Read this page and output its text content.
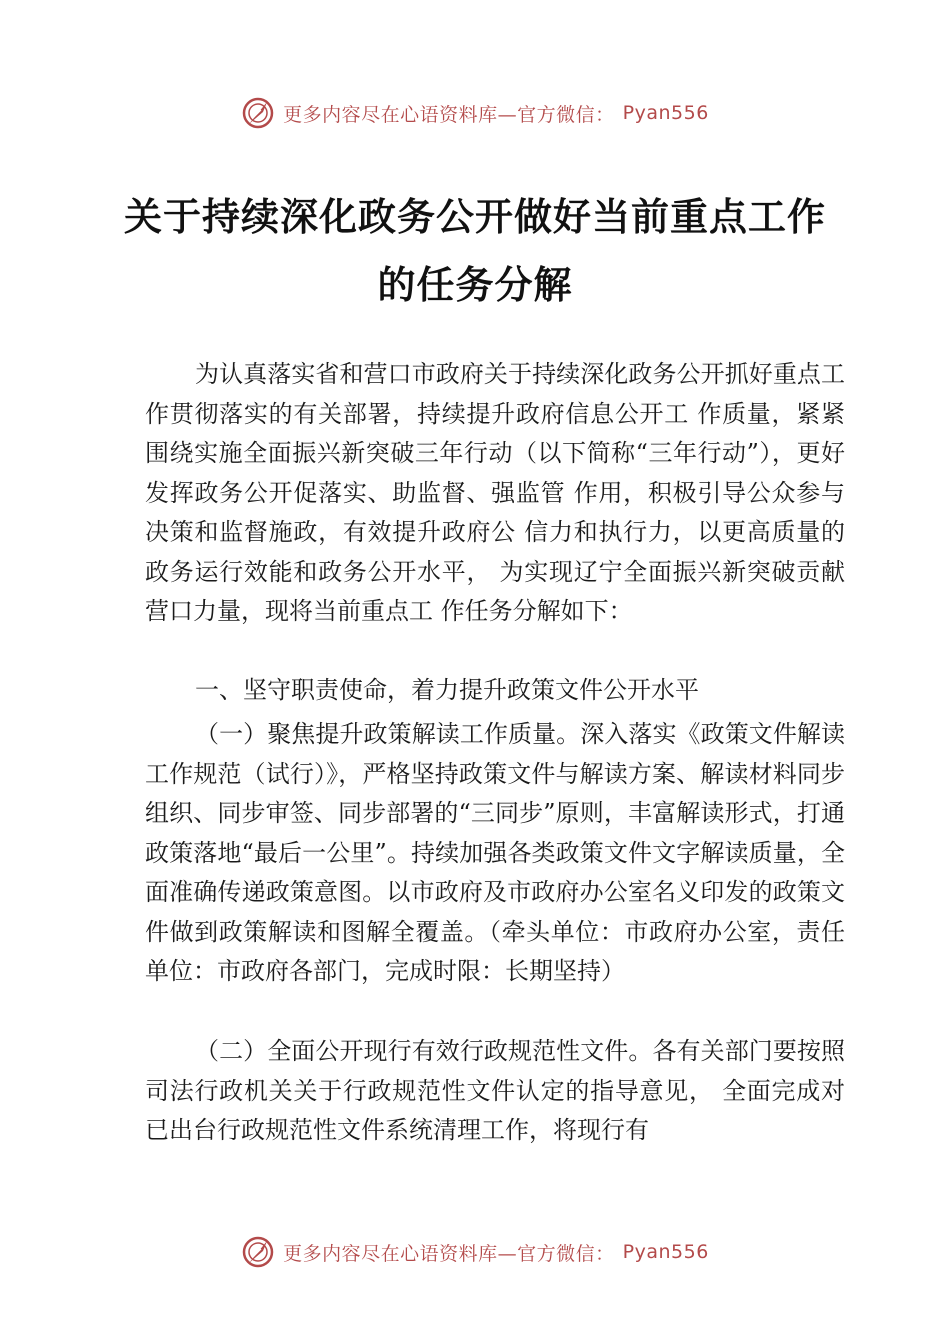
更多内容尽在心语资料库—官方微信： Pyan556
关于持续深化政务公开做好当前重点工作
的任务分解

为认真落实省和营口市政府关于持续深化政务公开抓好重点工作贯彻落实的有关部署，持续提升政府信息公开工 作质量，紧紧围绕实施全面振兴新突破三年行动（以下简称“三年行动”），更好发挥政务公开促落实、助监督、强监管 作用，积极引导公众参与决策和监督施政，有效提升政府公 信力和执行力，以更高质量的政务运行效能和政务公开水平， 为实现辽宁全面振兴新突破贡献营口力量，现将当前重点工 作任务分解如下：

一、坚守职责使命，着力提升政策文件公开水平

（一）聚焦提升政策解读工作质量。深入落实《政策文件解读工作规范（试行）》，严格坚持政策文件与解读方案、解读材料同步组织、同步审签、同步部署的“三同步”原则，丰富解读形式，打通政策落地“最后一公里”。持续加强各类政策文件文字解读质量，全面准确传递政策意图。以市政府及市政府办公室名义印发的政策文件做到政策解读和图解全覆盖。（牵头单位：市政府办公室，责任单位：市政府各部门，完成时限：长期坚持）

（二）全面公开现行有效行政规范性文件。各有关部门要按照司法行政机关关于行政规范性文件认定的指导意见， 全面完成对已出台行政规范性文件系统清理工作，将现行有

更多内容尽在心语资料库—官方微信： Pyan556
